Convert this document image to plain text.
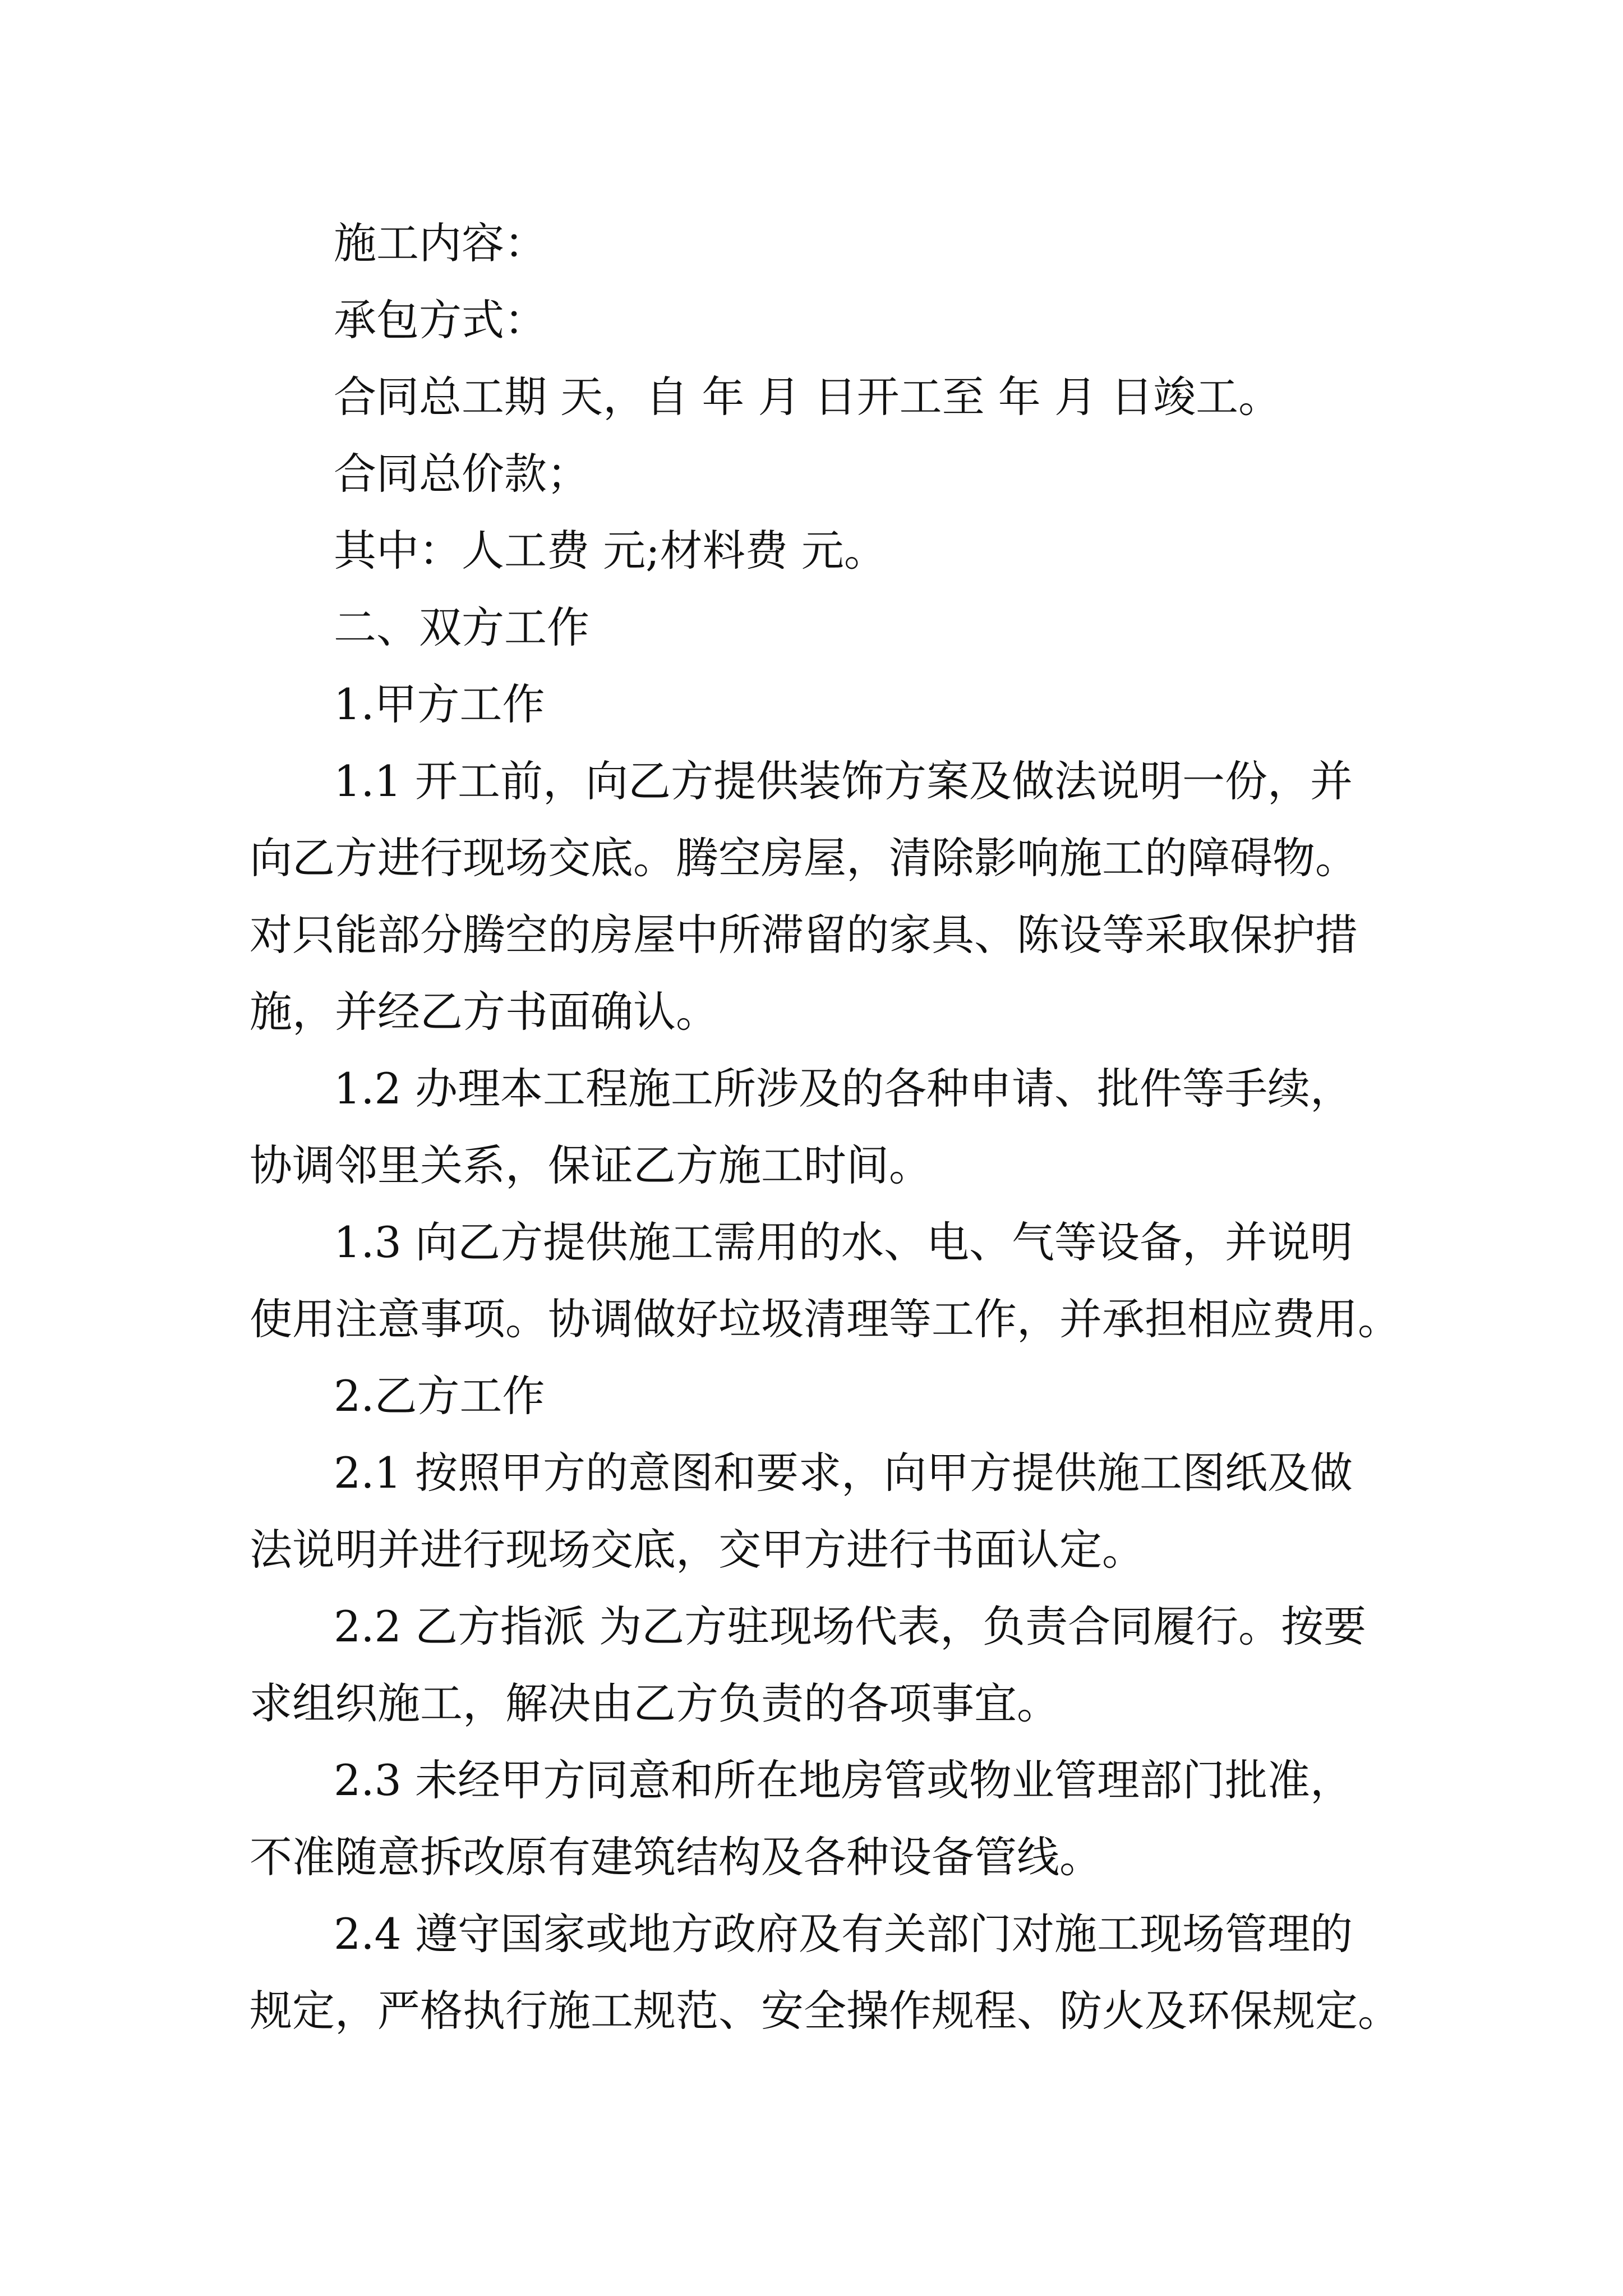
施工内容：

承包方式：

合同总工期 天，自 年 月 日开工至 年 月 日竣工。

合同总价款；

其中：人工费 元;材料费 元。

二、双方工作

1.甲方工作

1.1 开工前，向乙方提供装饰方案及做法说明一份，并

向乙方进行现场交底。腾空房屋，清除影响施工的障碍物。

对只能部分腾空的房屋中所滞留的家具、陈设等采取保护措

施，并经乙方书面确认。

1.2 办理本工程施工所涉及的各种申请、批件等手续，

协调邻里关系，保证乙方施工时间。

1.3 向乙方提供施工需用的水、电、气等设备，并说明

使用注意事项。协调做好垃圾清理等工作，并承担相应费用。

2.乙方工作

2.1 按照甲方的意图和要求，向甲方提供施工图纸及做

法说明并进行现场交底，交甲方进行书面认定。

2.2 乙方指派 为乙方驻现场代表，负责合同履行。按要

求组织施工，解决由乙方负责的各项事宜。

2.3 未经甲方同意和所在地房管或物业管理部门批准，

不准随意拆改原有建筑结构及各种设备管线。

2.4 遵守国家或地方政府及有关部门对施工现场管理的

规定，严格执行施工规范、安全操作规程、防火及环保规定。
